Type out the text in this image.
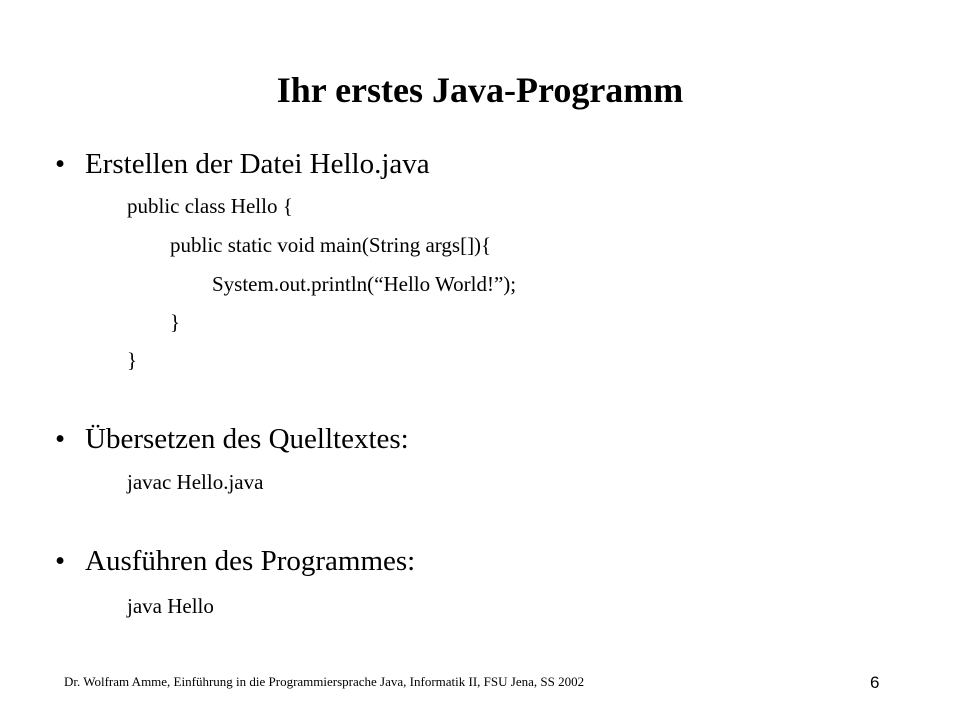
Ihr erstes Java-Programm
• Erstellen der Datei Hello.java
public class Hello {
public static void main(String args[]){
System.out.println(“Hello World!”);
}
}
• Übersetzen des Quelltextes:
javac Hello.java
• Ausführen des Programmes:
java Hello
Dr. Wolfram Amme, Einführung in die Programmiersprache Java, Informatik II, FSU Jena, SS 2002	6
